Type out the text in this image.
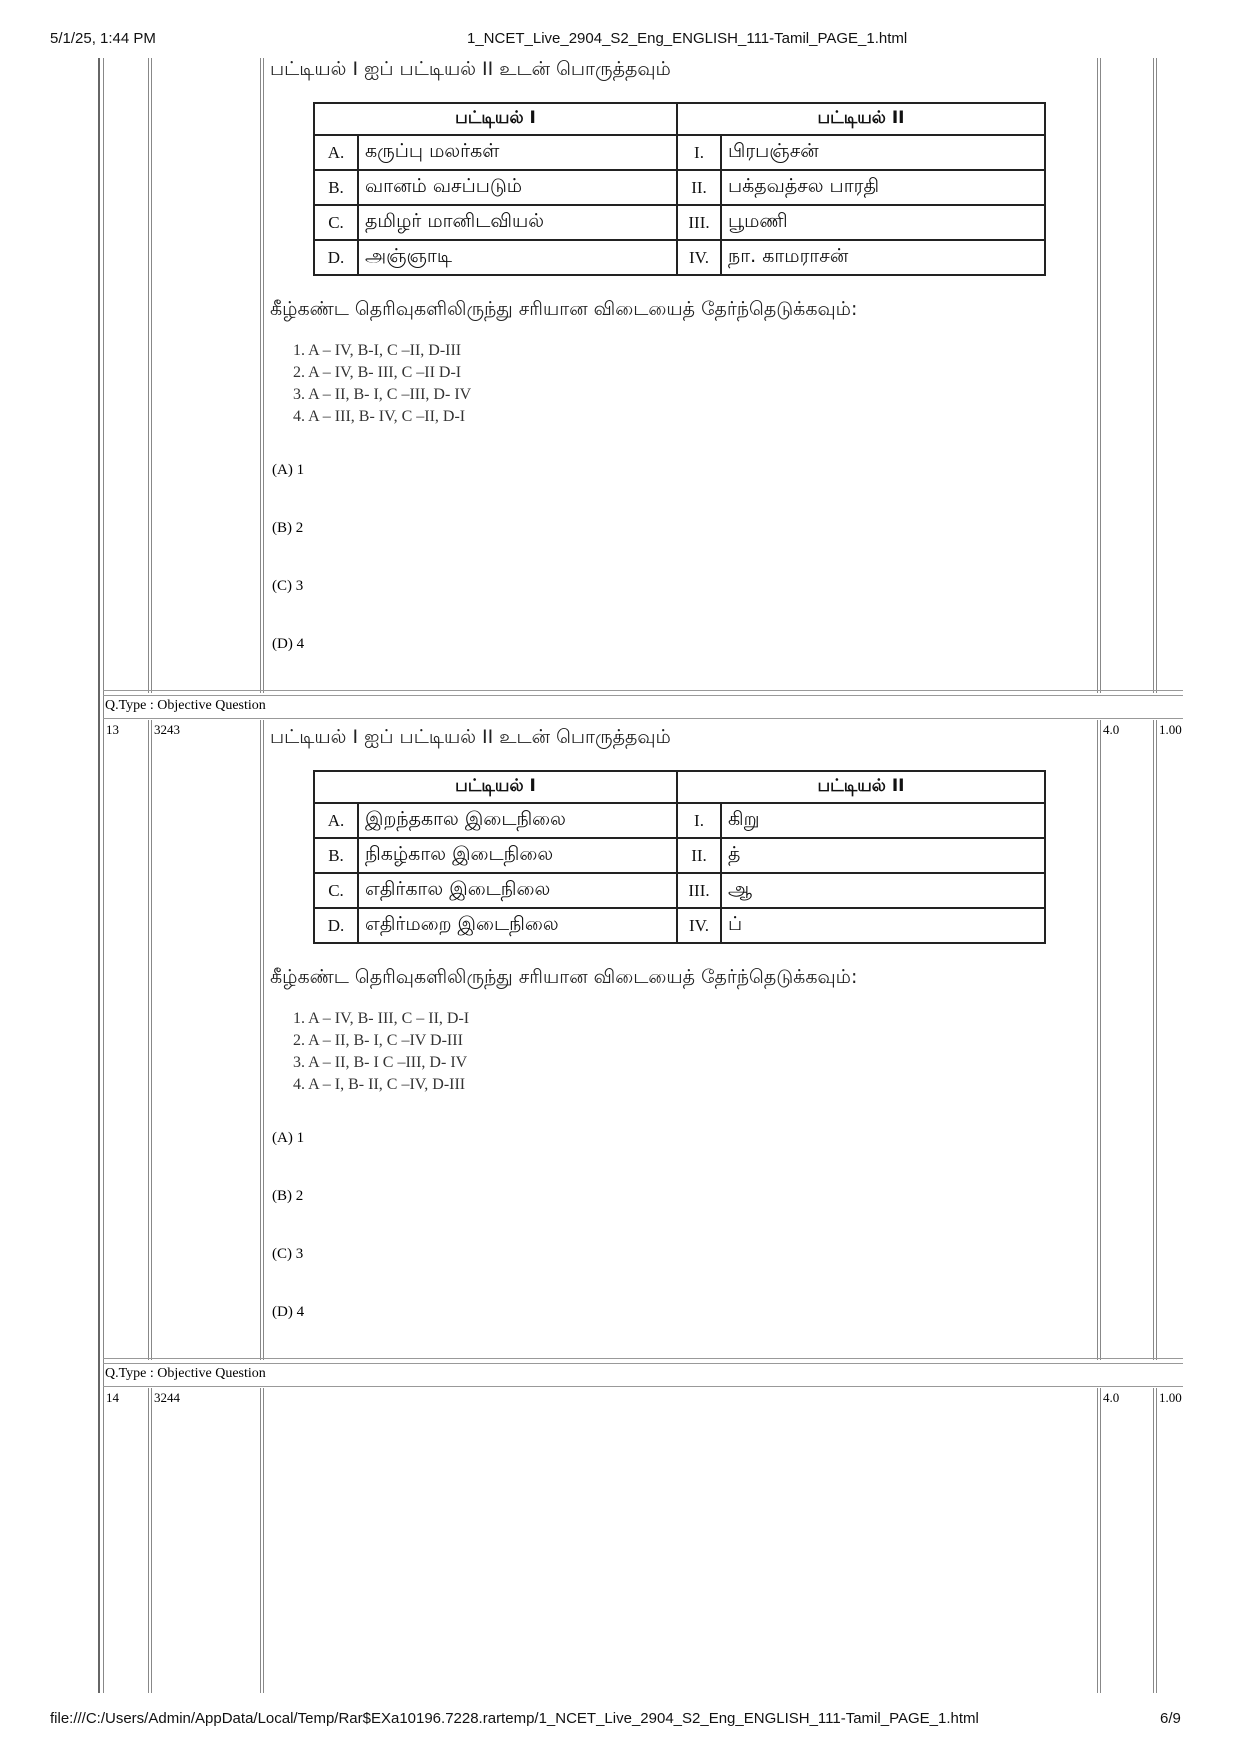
5/1/25, 1:44 PM	1_NCET_Live_2904_S2_Eng_ENGLISH_111-Tamil_PAGE_1.html
file:///C:/Users/Admin/AppData/Local/Temp/Rar$EXa10196.7228.rartemp/1_NCET_Live_2904_S2_Eng_ENGLISH_111-Tamil_PAGE_1.html	6/9
பட்டியல் I ஐப் பட்டியல் II உடன் பொருத்தவும்
பட்டியல் I		பட்டியல் II	
A.	கருப்பு மலர்கள்	I.	பிரபஞ்சன்
B.	வானம் வசப்படும்	II.	பக்தவத்சல பாரதி
C.	தமிழர் மானிடவியல்	III.	பூமணி
D.	அஞ்ஞாடி	IV.	நா. காமராசன்
கீழ்கண்ட தெரிவுகளிலிருந்து சரியான விடையைத் தேர்ந்தெடுக்கவும்:
1. A – IV, B-I, C –II, D-III
2. A – IV, B- III, C –II D-I
3. A – II, B- I, C –III, D- IV
4. A – III, B- IV, C –II, D-I
(A) 1
(B) 2
(C) 3
(D) 4
Q.Type : Objective Question
13	3243	4.0	1.00
பட்டியல் I ஐப் பட்டியல் II உடன் பொருத்தவும்
பட்டியல் I		பட்டியல் II	
A.	இறந்தகால இடைநிலை	I.	கிறு
B.	நிகழ்கால இடைநிலை	II.	த்
C.	எதிர்கால இடைநிலை	III.	ஆ
D.	எதிர்மறை இடைநிலை	IV.	ப்
கீழ்கண்ட தெரிவுகளிலிருந்து சரியான விடையைத் தேர்ந்தெடுக்கவும்:
1. A – IV, B- III, C – II, D-I
2. A – II, B- I, C –IV D-III
3. A – II, B- I C –III, D- IV
4. A – I, B- II, C –IV, D-III
(A) 1
(B) 2
(C) 3
(D) 4
Q.Type : Objective Question
14	3244	4.0	1.00
